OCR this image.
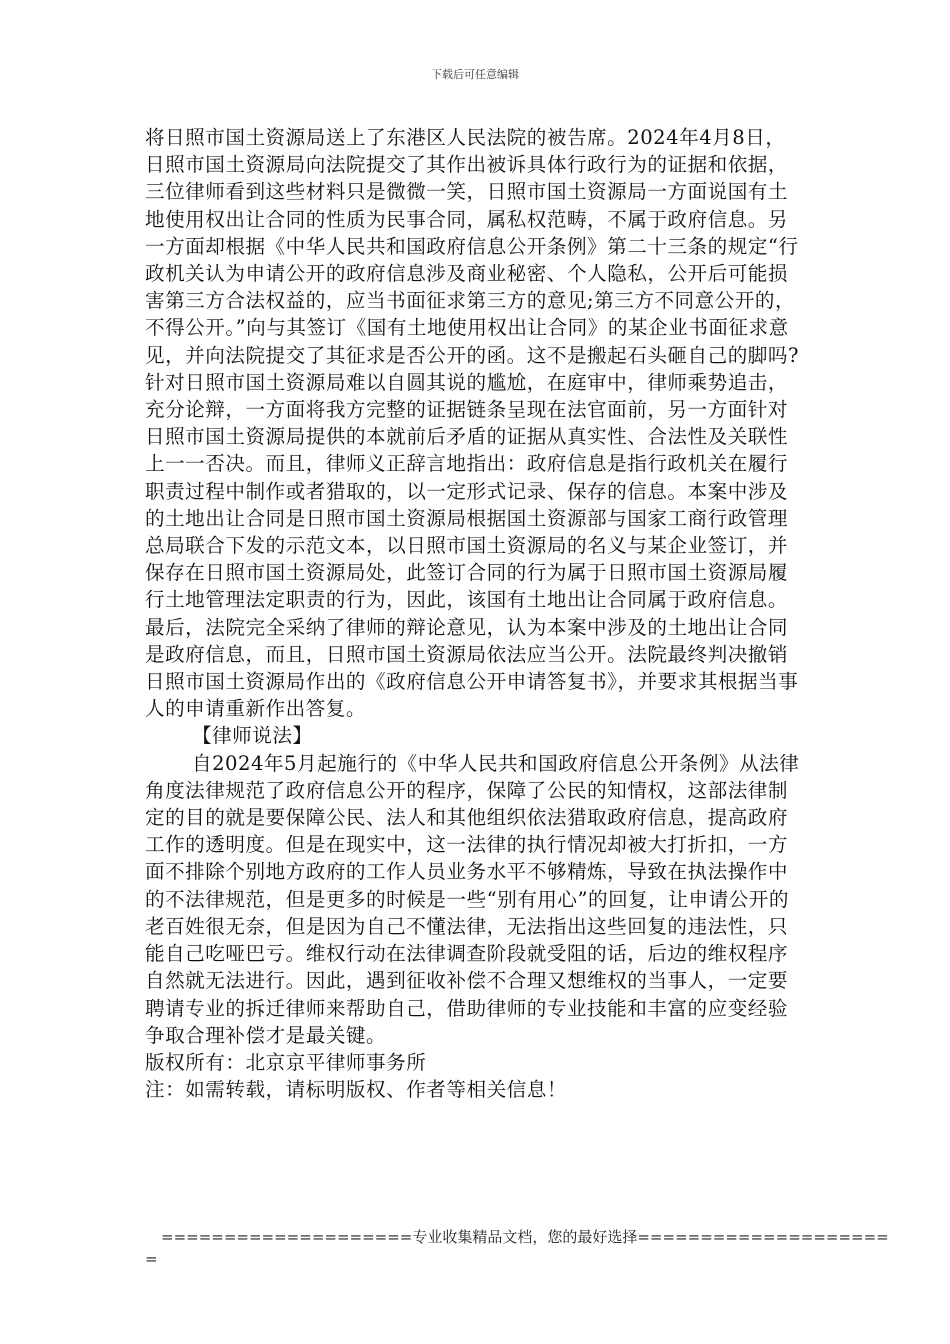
下载后可任意编辑

将日照市国土资源局送上了东港区人民法院的被告席。2024年4月8日，日照市国土资源局向法院提交了其作出被诉具体行政行为的证据和依据，三位律师看到这些材料只是微微一笑，日照市国土资源局一方面说国有土地使用权出让合同的性质为民事合同，属私权范畴，不属于政府信息。另一方面却根据《中华人民共和国政府信息公开条例》第二十三条的规定“行政机关认为申请公开的政府信息涉及商业秘密、个人隐私，公开后可能损害第三方合法权益的，应当书面征求第三方的意见;第三方不同意公开的，不得公开。”向与其签订《国有土地使用权出让合同》的某企业书面征求意见，并向法院提交了其征求是否公开的函。这不是搬起石头砸自己的脚吗?针对日照市国土资源局难以自圆其说的尴尬，在庭审中，律师乘势追击，充分论辩，一方面将我方完整的证据链条呈现在法官面前，另一方面针对日照市国土资源局提供的本就前后矛盾的证据从真实性、合法性及关联性上一一否决。而且，律师义正辞言地指出：政府信息是指行政机关在履行职责过程中制作或者猎取的，以一定形式记录、保存的信息。本案中涉及的土地出让合同是日照市国土资源局根据国土资源部与国家工商行政管理总局联合下发的示范文本，以日照市国土资源局的名义与某企业签订，并保存在日照市国土资源局处，此签订合同的行为属于日照市国土资源局履行土地管理法定职责的行为，因此，该国有土地出让合同属于政府信息。最后，法院完全采纳了律师的辩论意见，认为本案中涉及的土地出让合同是政府信息，而且，日照市国土资源局依法应当公开。法院最终判决撤销日照市国土资源局作出的《政府信息公开申请答复书》，并要求其根据当事人的申请重新作出答复。

【律师说法】

自2024年5月起施行的《中华人民共和国政府信息公开条例》从法律角度法律规范了政府信息公开的程序，保障了公民的知情权，这部法律制定的目的就是要保障公民、法人和其他组织依法猎取政府信息，提高政府工作的透明度。但是在现实中，这一法律的执行情况却被大打折扣，一方面不排除个别地方政府的工作人员业务水平不够精炼，导致在执法操作中的不法律规范，但是更多的时候是一些“别有用心”的回复，让申请公开的老百姓很无奈，但是因为自己不懂法律，无法指出这些回复的违法性，只能自己吃哑巴亏。维权行动在法律调查阶段就受阻的话，后边的维权程序自然就无法进行。因此，遇到征收补偿不合理又想维权的当事人，一定要聘请专业的拆迁律师来帮助自己，借助律师的专业技能和丰富的应变经验争取合理补偿才是最关键。

版权所有：北京京平律师事务所

注：如需转载，请标明版权、作者等相关信息！

====================专业收集精品文档，您的最好选择====================
=
